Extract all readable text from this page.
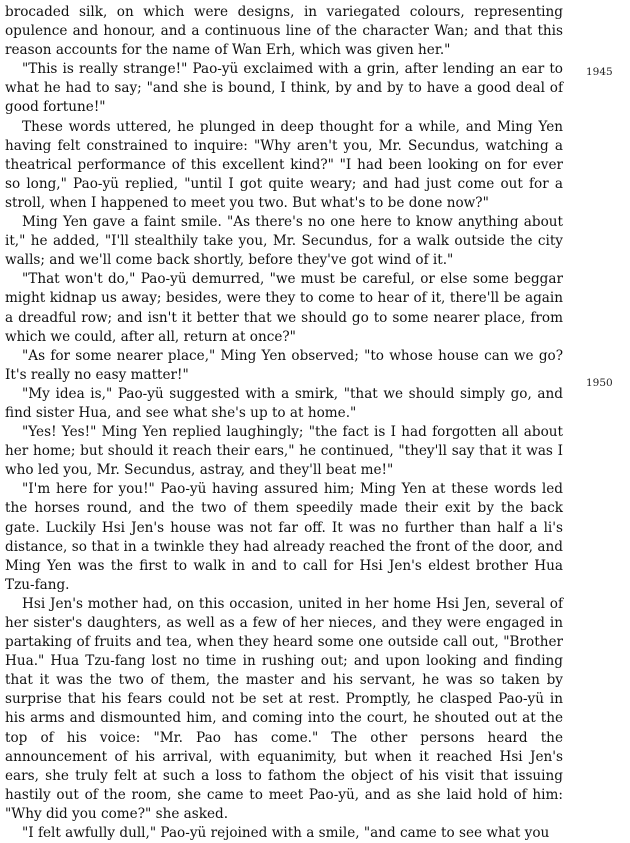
brocaded silk, on which were designs, in variegated colours, representing opulence and honour, and a continuous line of the character Wan; and that this reason accounts for the name of Wan Erh, which was given her."

"This is really strange!" Pao-yü exclaimed with a grin, after lending an ear to what he had to say; "and she is bound, I think, by and by to have a good deal of good fortune!"

These words uttered, he plunged in deep thought for a while, and Ming Yen having felt constrained to inquire: "Why aren't you, Mr. Secundus, watching a theatrical performance of this excellent kind?" "I had been looking on for ever so long," Pao-yü replied, "until I got quite weary; and had just come out for a stroll, when I happened to meet you two. But what's to be done now?"

Ming Yen gave a faint smile. "As there's no one here to know anything about it," he added, "I'll stealthily take you, Mr. Secundus, for a walk outside the city walls; and we'll come back shortly, before they've got wind of it."

"That won't do," Pao-yü demurred, "we must be careful, or else some beggar might kidnap us away; besides, were they to come to hear of it, there'll be again a dreadful row; and isn't it better that we should go to some nearer place, from which we could, after all, return at once?"

"As for some nearer place," Ming Yen observed; "to whose house can we go? It's really no easy matter!"

"My idea is," Pao-yü suggested with a smirk, "that we should simply go, and find sister Hua, and see what she's up to at home."

"Yes! Yes!" Ming Yen replied laughingly; "the fact is I had forgotten all about her home; but should it reach their ears," he continued, "they'll say that it was I who led you, Mr. Secundus, astray, and they'll beat me!"

"I'm here for you!" Pao-yü having assured him; Ming Yen at these words led the horses round, and the two of them speedily made their exit by the back gate. Luckily Hsi Jen's house was not far off. It was no further than half a li's distance, so that in a twinkle they had already reached the front of the door, and Ming Yen was the first to walk in and to call for Hsi Jen's eldest brother Hua Tzu-fang.

Hsi Jen's mother had, on this occasion, united in her home Hsi Jen, several of her sister's daughters, as well as a few of her nieces, and they were engaged in partaking of fruits and tea, when they heard some one outside call out, "Brother Hua." Hua Tzu-fang lost no time in rushing out; and upon looking and finding that it was the two of them, the master and his servant, he was so taken by surprise that his fears could not be set at rest. Promptly, he clasped Pao-yü in his arms and dismounted him, and coming into the court, he shouted out at the top of his voice: "Mr. Pao has come." The other persons heard the announcement of his arrival, with equanimity, but when it reached Hsi Jen's ears, she truly felt at such a loss to fathom the object of his visit that issuing hastily out of the room, she came to meet Pao-yü, and as she laid hold of him: "Why did you come?" she asked.

"I felt awfully dull," Pao-yü rejoined with a smile, "and came to see what you

1945
1950
